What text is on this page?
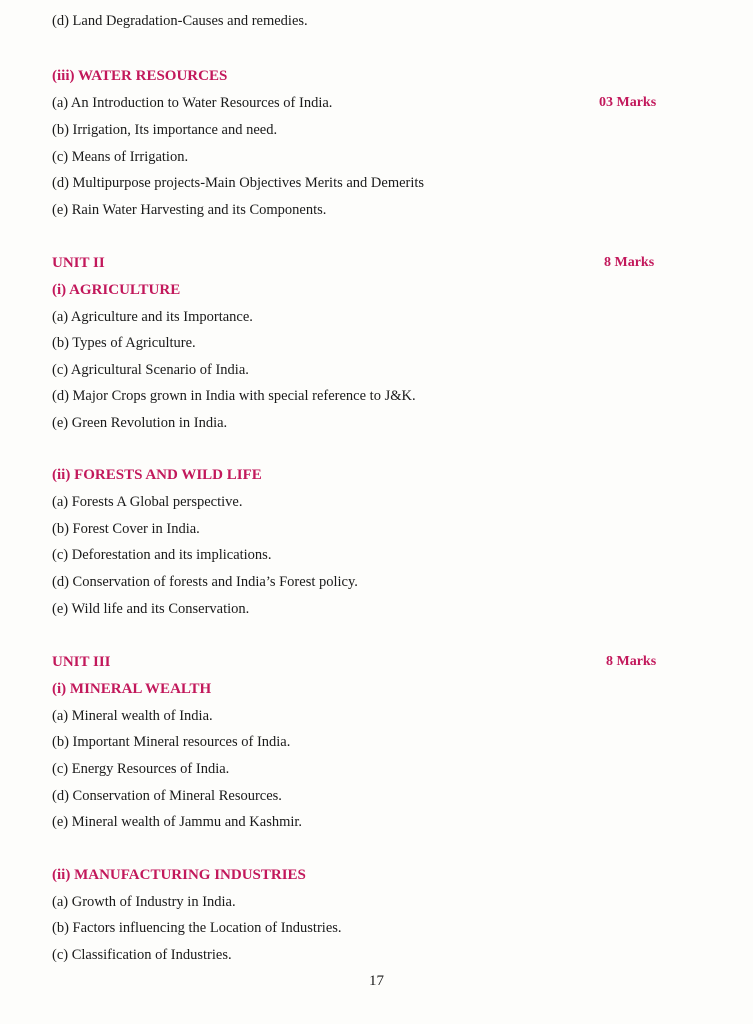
(d) Land Degradation-Causes and remedies.
(iii) WATER RESOURCES
(a) An Introduction to Water Resources of India.	03 Marks
(b) Irrigation, Its importance and need.
(c) Means of Irrigation.
(d) Multipurpose projects-Main Objectives Merits and Demerits
(e) Rain Water Harvesting and its Components.
UNIT II	8 Marks
(i) AGRICULTURE
(a) Agriculture and its Importance.
(b) Types of Agriculture.
(c) Agricultural Scenario of India.
(d) Major Crops grown in India with special reference to J&K.
(e) Green Revolution in India.
(ii) FORESTS AND WILD LIFE
(a) Forests A Global perspective.
(b) Forest Cover in India.
(c) Deforestation and its implications.
(d) Conservation of forests and India’s Forest policy.
(e) Wild life and its Conservation.
UNIT III	8 Marks
(i) MINERAL WEALTH
(a) Mineral wealth of India.
(b) Important Mineral resources of India.
(c) Energy Resources of India.
(d) Conservation of Mineral Resources.
(e) Mineral wealth of Jammu and Kashmir.
(ii) MANUFACTURING INDUSTRIES
(a) Growth of Industry in India.
(b) Factors influencing the Location of Industries.
(c) Classification of Industries.
17
